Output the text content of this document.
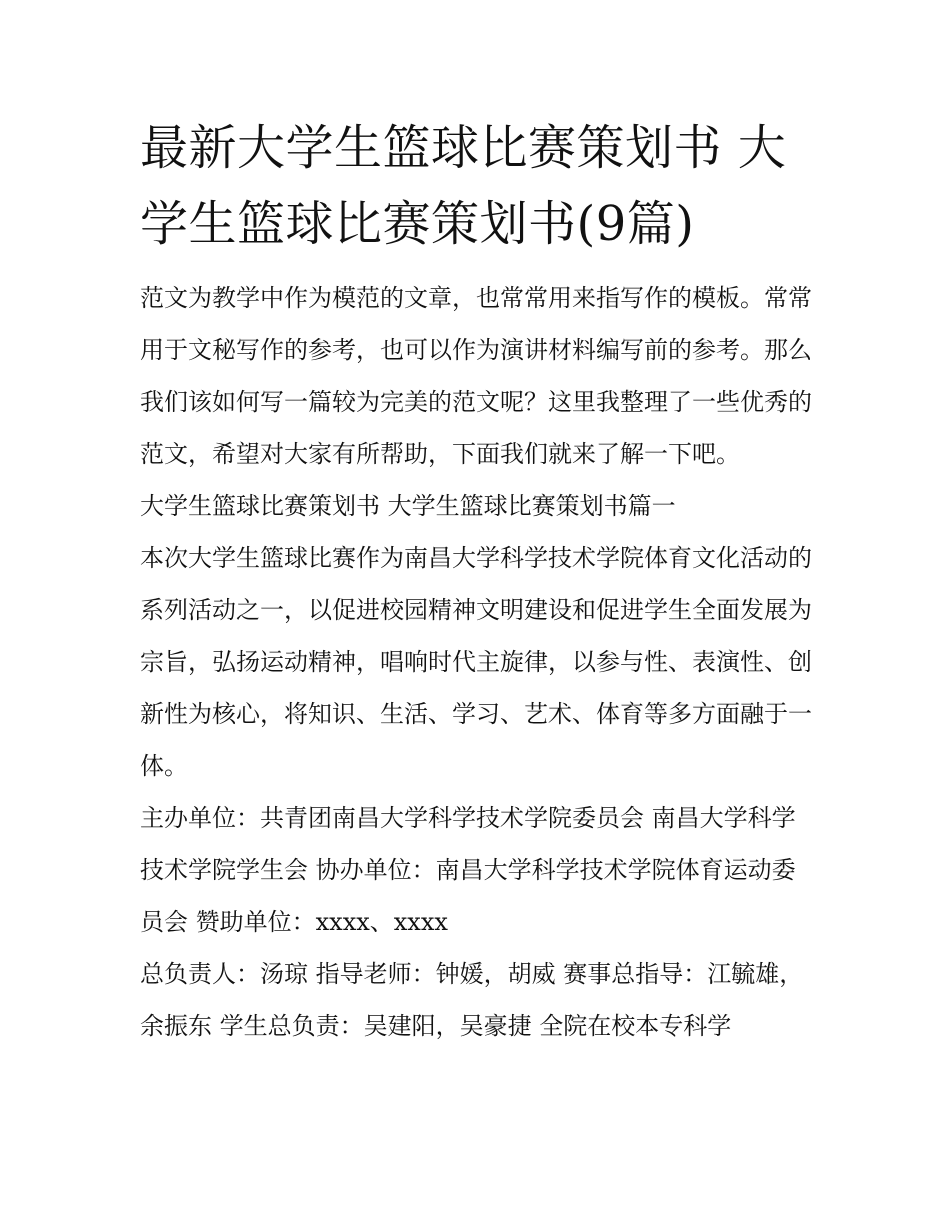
最新大学生篮球比赛策划书 大学生篮球比赛策划书(9篇)

范文为教学中作为模范的文章，也常常用来指写作的模板。常常用于文秘写作的参考，也可以作为演讲材料编写前的参考。那么我们该如何写一篇较为完美的范文呢？这里我整理了一些优秀的范文，希望对大家有所帮助，下面我们就来了解一下吧。

大学生篮球比赛策划书 大学生篮球比赛策划书篇一

本次大学生篮球比赛作为南昌大学科学技术学院体育文化活动的系列活动之一，以促进校园精神文明建设和促进学生全面发展为宗旨，弘扬运动精神，唱响时代主旋律，以参与性、表演性、创新性为核心，将知识、生活、学习、艺术、体育等多方面融于一体。

主办单位：共青团南昌大学科学技术学院委员会 南昌大学科学技术学院学生会 协办单位：南昌大学科学技术学院体育运动委员会 赞助单位：xxxx、xxxx

总负责人：汤琼 指导老师：钟媛，胡威 赛事总指导：江毓雄，余振东 学生总负责：吴建阳，吴豪捷 全院在校本专科学
